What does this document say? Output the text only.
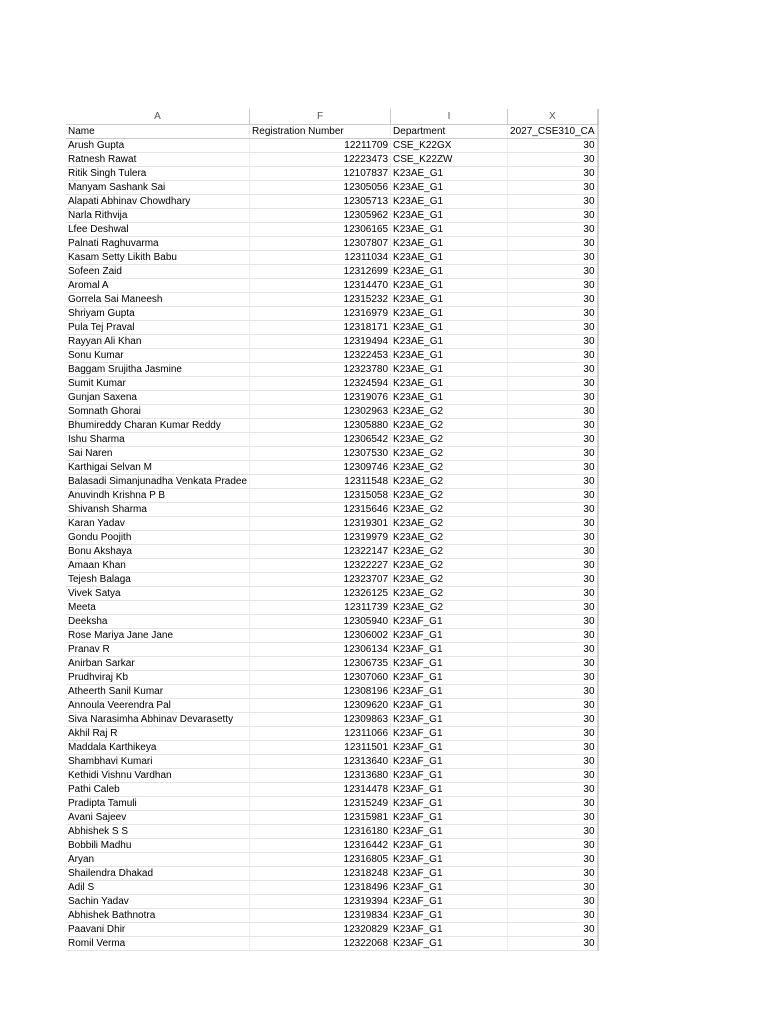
A	F	I	X
Name	Registration Number	Department	2027_CSE310_CA
Arush Gupta	12211709	CSE_K22GX	30
Ratnesh Rawat	12223473	CSE_K22ZW	30
Ritik Singh Tulera	12107837	K23AE_G1	30
Manyam Sashank Sai	12305056	K23AE_G1	30
Alapati Abhinav Chowdhary	12305713	K23AE_G1	30
Narla Rithvija	12305962	K23AE_G1	30
Lfee Deshwal	12306165	K23AE_G1	30
Palnati Raghuvarma	12307807	K23AE_G1	30
Kasam Setty Likith Babu	12311034	K23AE_G1	30
Sofeen Zaid	12312699	K23AE_G1	30
Aromal A	12314470	K23AE_G1	30
Gorrela Sai Maneesh	12315232	K23AE_G1	30
Shriyam Gupta	12316979	K23AE_G1	30
Pula Tej Praval	12318171	K23AE_G1	30
Rayyan Ali Khan	12319494	K23AE_G1	30
Sonu Kumar	12322453	K23AE_G1	30
Baggam Srujitha Jasmine	12323780	K23AE_G1	30
Sumit Kumar	12324594	K23AE_G1	30
Gunjan Saxena	12319076	K23AE_G1	30
Somnath Ghorai	12302963	K23AE_G2	30
Bhumireddy Charan Kumar Reddy	12305880	K23AE_G2	30
Ishu Sharma	12306542	K23AE_G2	30
Sai Naren	12307530	K23AE_G2	30
Karthigai Selvan M	12309746	K23AE_G2	30
Balasadi Simanjunadha Venkata Pradee	12311548	K23AE_G2	30
Anuvindh Krishna P B	12315058	K23AE_G2	30
Shivansh Sharma	12315646	K23AE_G2	30
Karan Yadav	12319301	K23AE_G2	30
Gondu Poojith	12319979	K23AE_G2	30
Bonu Akshaya	12322147	K23AE_G2	30
Amaan Khan	12322227	K23AE_G2	30
Tejesh Balaga	12323707	K23AE_G2	30
Vivek Satya	12326125	K23AE_G2	30
Meeta	12311739	K23AE_G2	30
Deeksha	12305940	K23AF_G1	30
Rose Mariya Jane Jane	12306002	K23AF_G1	30
Pranav R	12306134	K23AF_G1	30
Anirban Sarkar	12306735	K23AF_G1	30
Prudhviraj Kb	12307060	K23AF_G1	30
Atheerth Sanil Kumar	12308196	K23AF_G1	30
Annoula Veerendra Pal	12309620	K23AF_G1	30
Siva Narasimha Abhinav Devarasetty	12309863	K23AF_G1	30
Akhil Raj R	12311066	K23AF_G1	30
Maddala Karthikeya	12311501	K23AF_G1	30
Shambhavi Kumari	12313640	K23AF_G1	30
Kethidi Vishnu Vardhan	12313680	K23AF_G1	30
Pathi Caleb	12314478	K23AF_G1	30
Pradipta Tamuli	12315249	K23AF_G1	30
Avani Sajeev	12315981	K23AF_G1	30
Abhishek S S	12316180	K23AF_G1	30
Bobbili Madhu	12316442	K23AF_G1	30
Aryan	12316805	K23AF_G1	30
Shailendra Dhakad	12318248	K23AF_G1	30
Adil S	12318496	K23AF_G1	30
Sachin Yadav	12319394	K23AF_G1	30
Abhishek Bathnotra	12319834	K23AF_G1	30
Paavani Dhir	12320829	K23AF_G1	30
Romil Verma	12322068	K23AF_G1	30
